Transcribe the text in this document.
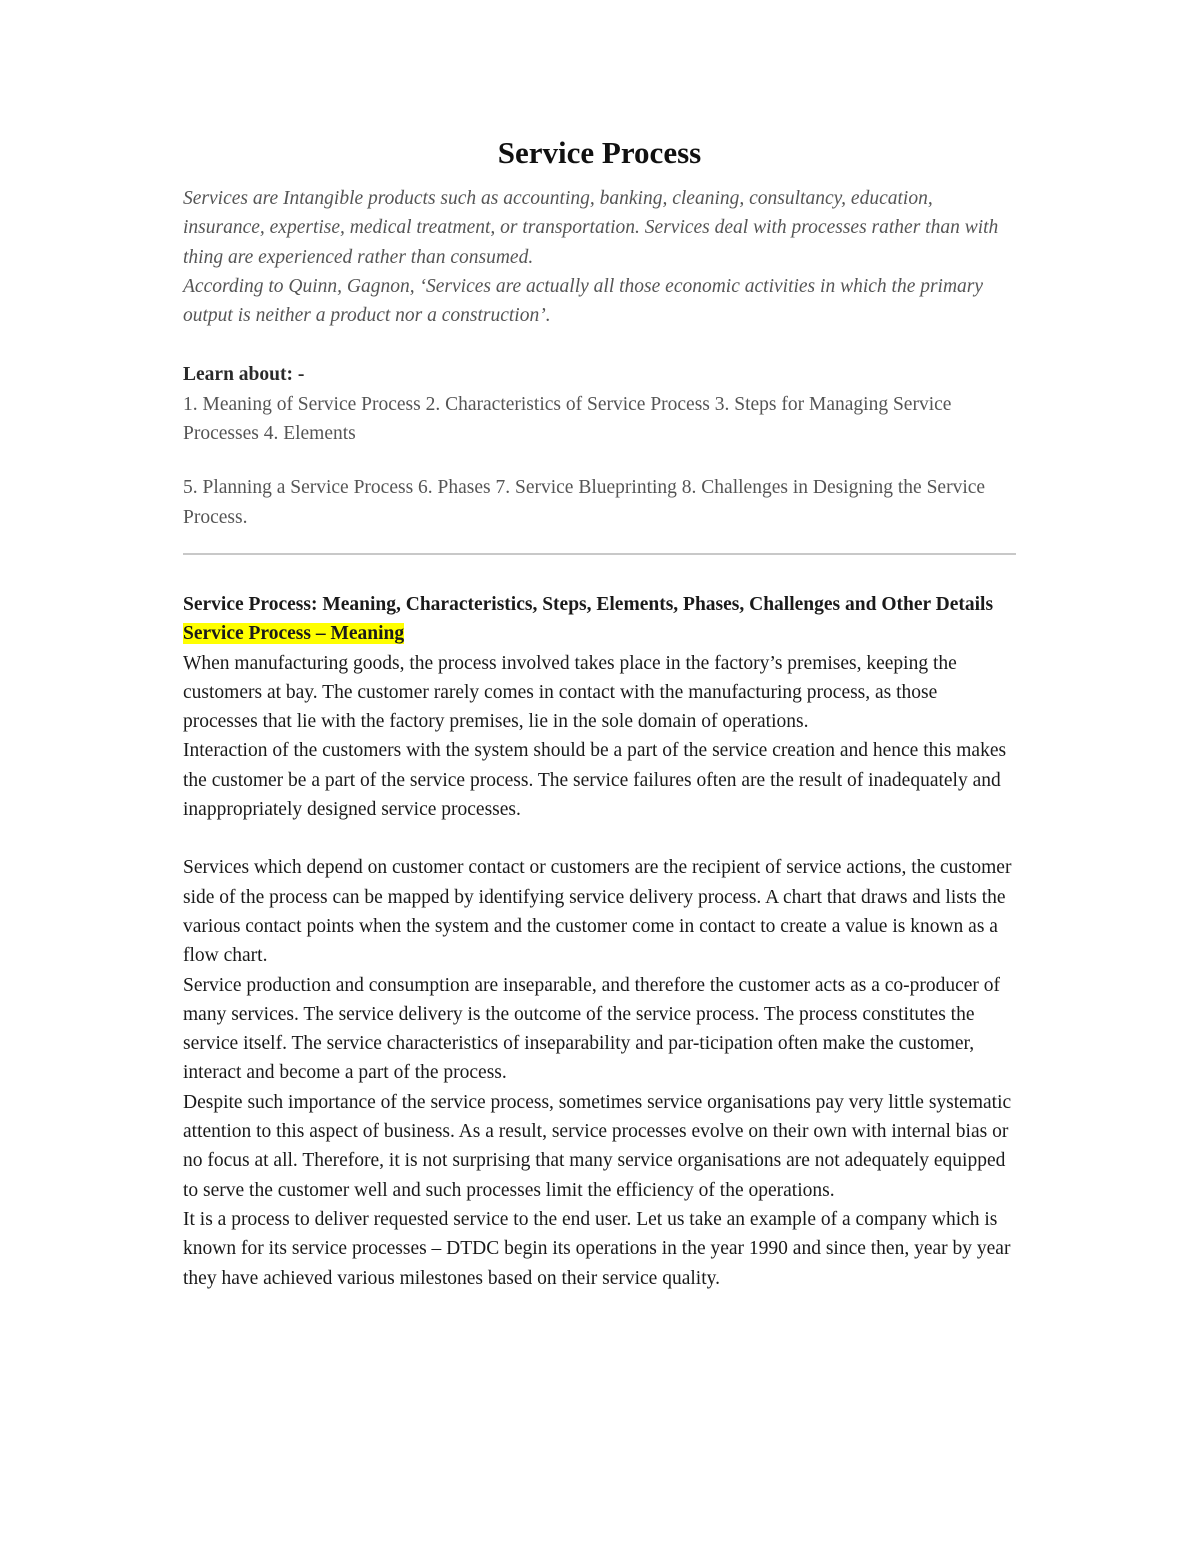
Service Process

Services are Intangible products such as accounting, banking, cleaning, consultancy, education, insurance, expertise, medical treatment, or transportation. Services deal with processes rather than with thing are experienced rather than consumed.

According to Quinn, Gagnon, ‘Services are actually all those economic activities in which the primary output is neither a product nor a construction’.

Learn about: -

1. Meaning of Service Process 2. Characteristics of Service Process 3. Steps for Managing Service Processes 4. Elements

5. Planning a Service Process 6. Phases 7. Service Blueprinting 8. Challenges in Designing the Service Process.

Service Process: Meaning, Characteristics, Steps, Elements, Phases, Challenges and Other Details

Service Process – Meaning

When manufacturing goods, the process involved takes place in the factory’s premises, keeping the customers at bay. The customer rarely comes in contact with the manufacturing process, as those processes that lie with the factory premises, lie in the sole domain of operations.

Interaction of the customers with the system should be a part of the service creation and hence this makes the customer be a part of the service process. The service failures often are the result of inadequately and inappropriately designed service processes.

Services which depend on customer contact or customers are the recipient of service actions, the customer side of the process can be mapped by identifying service delivery process. A chart that draws and lists the various contact points when the system and the customer come in contact to create a value is known as a flow chart.

Service production and consumption are inseparable, and therefore the customer acts as a co-producer of many services. The service delivery is the outcome of the service process. The process constitutes the service itself. The service characteristics of inseparability and par-ticipation often make the customer, interact and become a part of the process.

Despite such importance of the service process, sometimes service organisations pay very little systematic attention to this aspect of business. As a result, service processes evolve on their own with internal bias or no focus at all. Therefore, it is not surprising that many service organisations are not adequately equipped to serve the customer well and such processes limit the efficiency of the operations.

It is a process to deliver requested service to the end user. Let us take an example of a company which is known for its service processes – DTDC begin its operations in the year 1990 and since then, year by year they have achieved various milestones based on their service quality.
